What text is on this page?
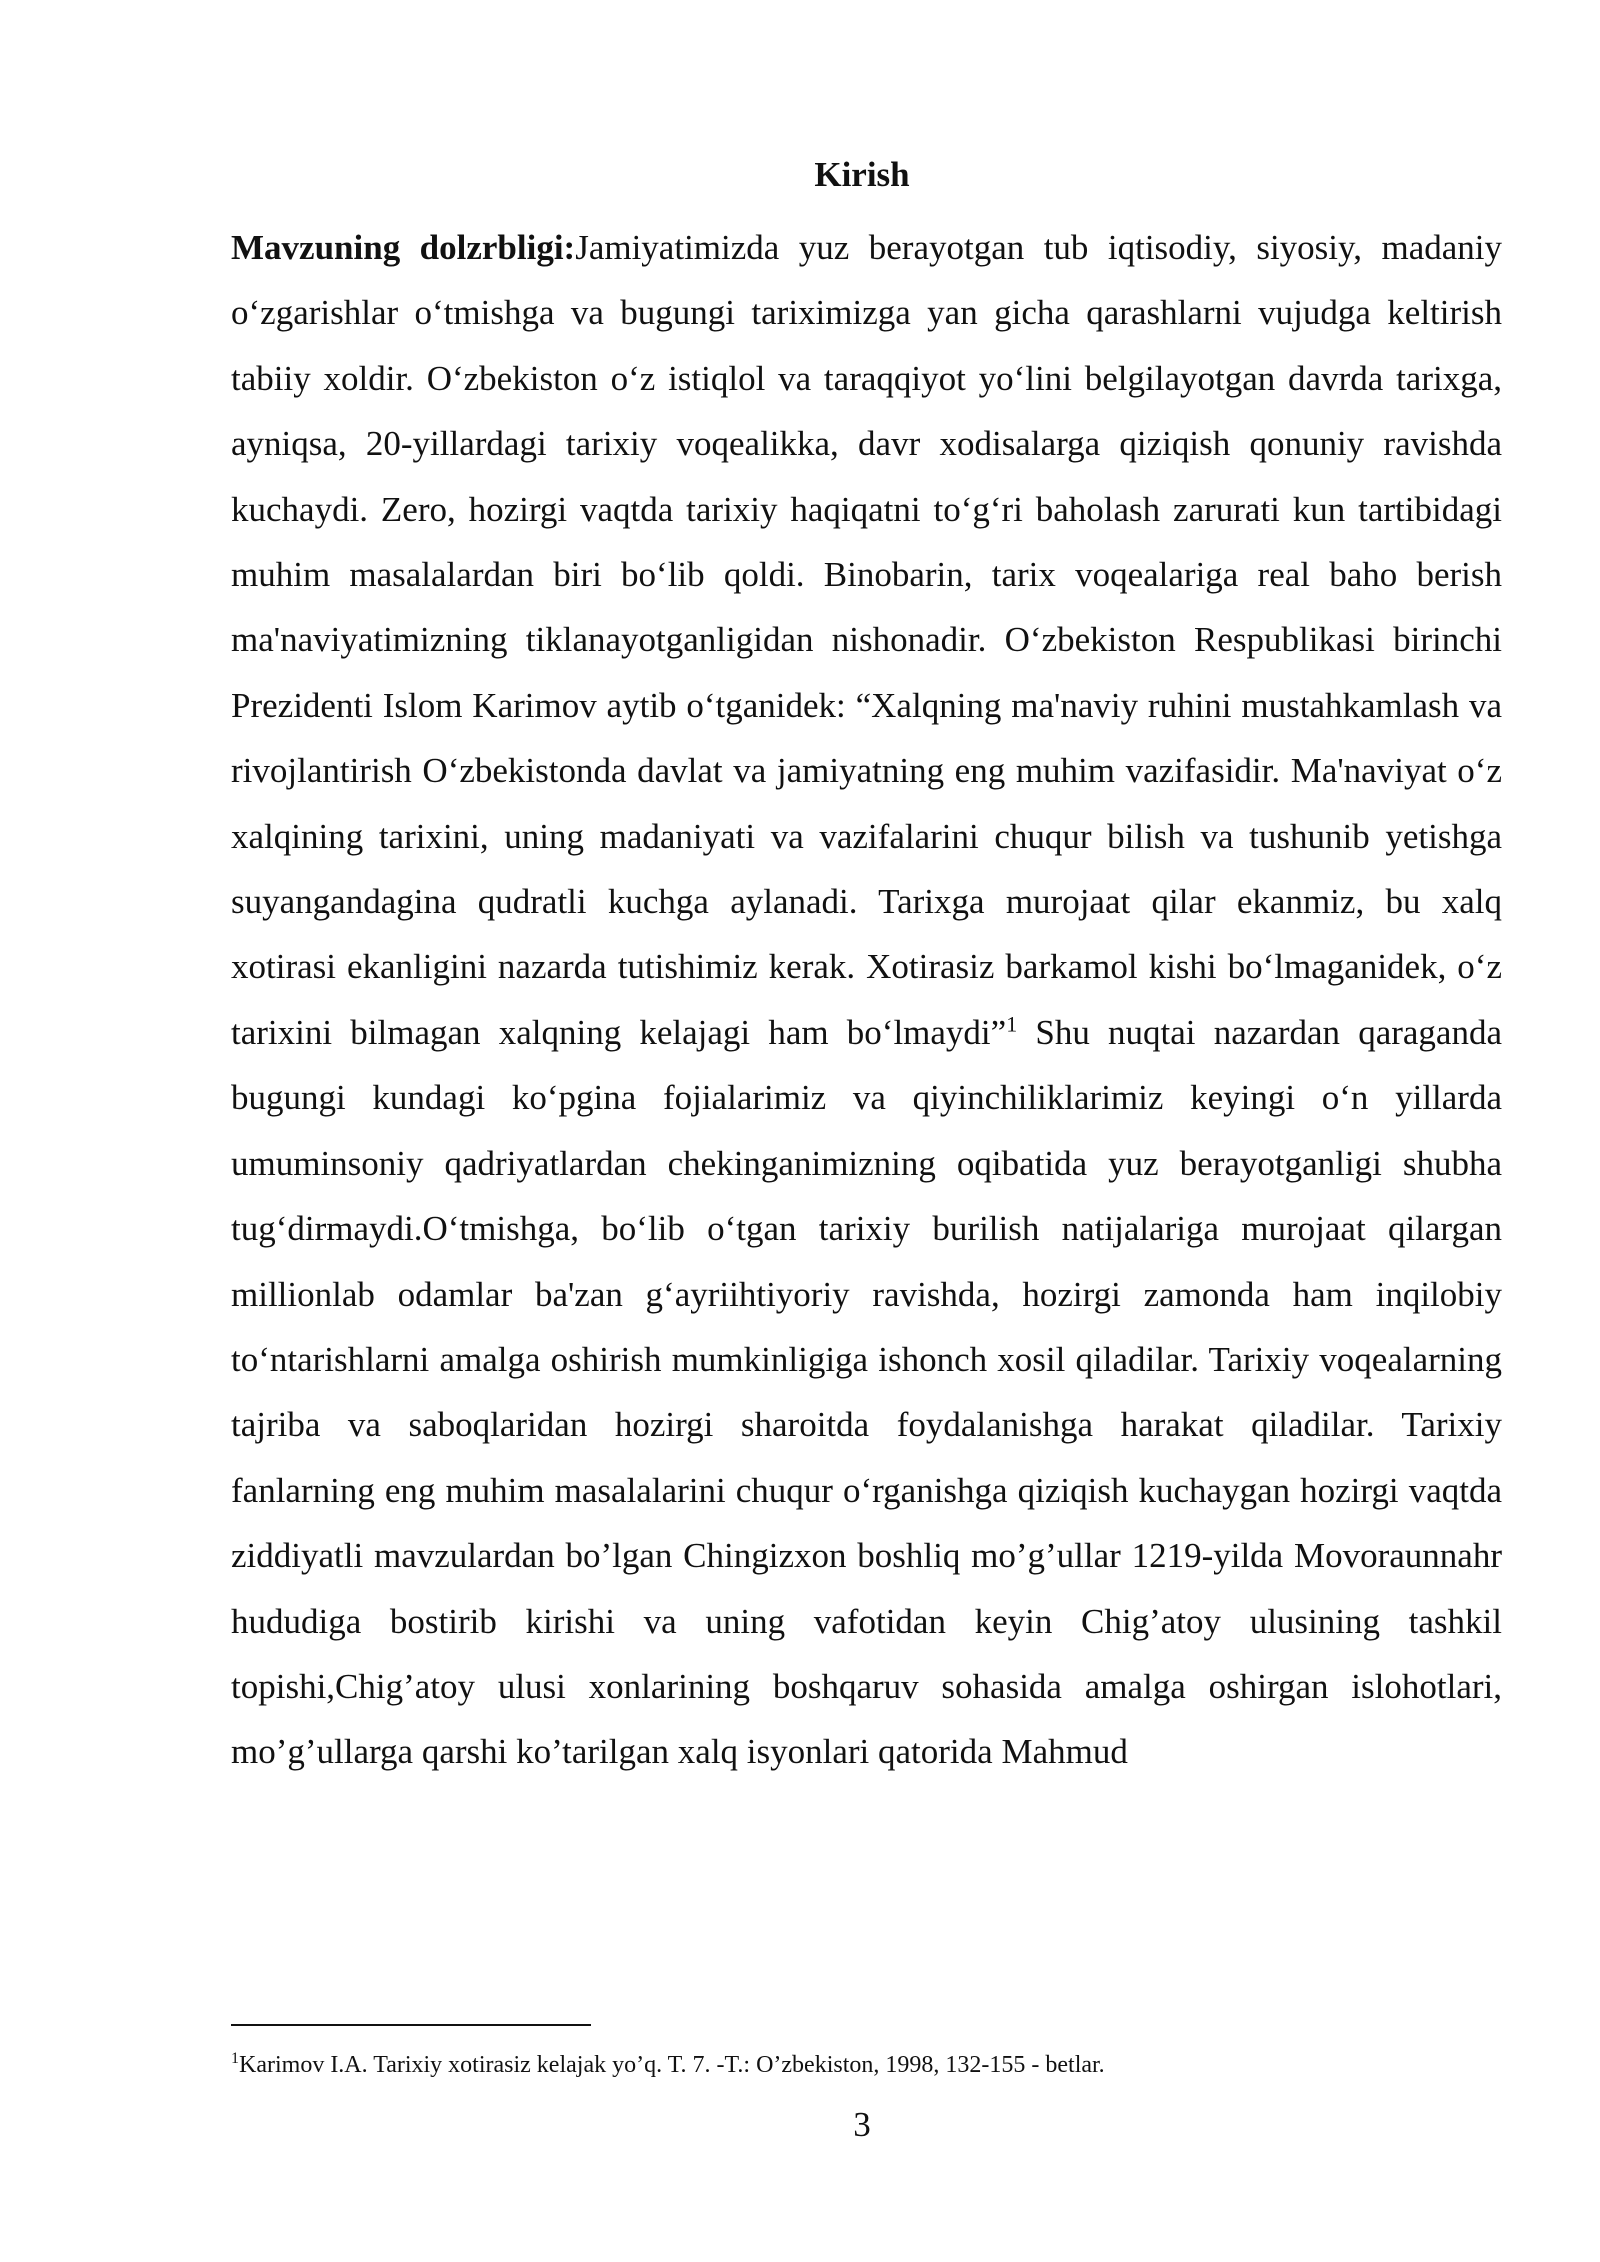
Kirish

Mavzuning dolzrbligi:Jamiyatimizda yuz berayotgan tub iqtisodiy, siyosiy, madaniy o‘zgarishlar o‘tmishga va bugungi tariximizga yan gicha qarashlarni vujudga keltirish tabiiy xoldir. O‘zbekiston o‘z istiqlol va taraqqiyot yo‘lini belgilayotgan davrda tarixga, ayniqsa, 20-yillardagi tarixiy voqealikka, davr xodisalarga qiziqish qonuniy ravishda kuchaydi. Zero, hozirgi vaqtda tarixiy haqiqatni to‘g‘ri baholash zarurati kun tartibidagi muhim masalalardan biri bo‘lib qoldi. Binobarin, tarix voqealariga real baho berish ma'naviyatimizning tiklanayotganligidan nishonadir. O‘zbekiston Respublikasi birinchi Prezidenti Islom Karimov aytib o‘tganidek: “Xalqning ma'naviy ruhini mustahkamlash va rivojlantirish O‘zbekistonda davlat va jamiyatning eng muhim vazifasidir. Ma'naviyat o‘z xalqining tarixini, uning madaniyati va vazifalarini chuqur bilish va tushunib yetishga suyangandagina qudratli kuchga aylanadi. Tarixga murojaat qilar ekanmiz, bu xalq xotirasi ekanligini nazarda tutishimiz kerak. Xotirasiz barkamol kishi bo‘lmaganidek, o‘z tarixini bilmagan xalqning kelajagi ham bo‘lmaydi”$^1$ Shu nuqtai nazardan qaraganda bugungi kundagi ko‘pgina fojialarimiz va qiyinchiliklarimiz keyingi o‘n yillarda umuminsoniy qadriyatlardan chekinganimizning oqibatida yuz berayotganligi shubha tug‘dirmaydi.O‘tmishga, bo‘lib o‘tgan tarixiy burilish natijalariga murojaat qilargan millionlab odamlar ba'zan g‘ayriihtiyoriy ravishda, hozirgi zamonda ham inqilobiy to‘ntarishlarni amalga oshirish mumkinligiga ishonch xosil qiladilar. Tarixiy voqealarning tajriba va saboqlaridan hozirgi sharoitda foydalanishga harakat qiladilar. Tarixiy fanlarning eng muhim masalalarini chuqur o‘rganishga qiziqish kuchaygan hozirgi vaqtda ziddiyatli mavzulardan bo’lgan Chingizxon boshliq mo’g’ullar 1219-yilda Movoraunnahr hududiga bostirib kirishi va uning vafotidan keyin Chig’atoy ulusining tashkil topishi,Chig’atoy ulusi xonlarining boshqaruv sohasida amalga oshirgan islohotlari, mo’g’ullarga qarshi ko’tarilgan xalq isyonlari qatorida Mahmud

$^1$Karimov I.A. Tarixiy xotirasiz kelajak yo’q. T. 7. -T.: O’zbekiston, 1998, 132-155 - betlar.

3
